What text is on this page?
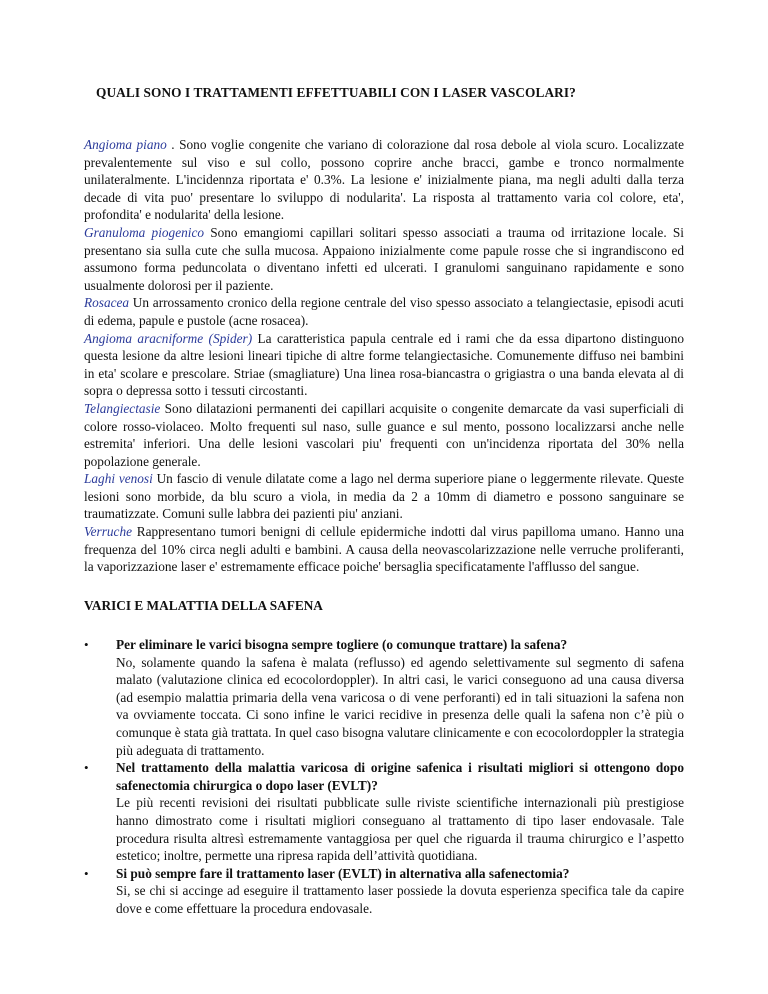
QUALI SONO I TRATTAMENTI EFFETTUABILI CON I LASER VASCOLARI?

Angioma piano . Sono voglie congenite che variano di colorazione dal rosa debole al viola scuro. Localizzate prevalentemente sul viso e sul collo, possono coprire anche bracci, gambe e tronco normalmente unilateralmente. L'incidennza riportata e' 0.3%. La lesione e' inizialmente piana, ma negli adulti dalla terza decade di vita puo' presentare lo sviluppo di nodularita'. La risposta al trattamento varia col colore, eta', profondita' e nodularita' della lesione.

Granuloma piogenico Sono emangiomi capillari solitari spesso associati a trauma od irritazione locale. Si presentano sia sulla cute che sulla mucosa. Appaiono inizialmente come papule rosse che si ingrandiscono ed assumono forma peduncolata o diventano infetti ed ulcerati. I granulomi sanguinano rapidamente e sono usualmente dolorosi per il paziente.

Rosacea Un arrossamento cronico della regione centrale del viso spesso associato a telangiectasie, episodi acuti di edema, papule e pustole (acne rosacea).

Angioma aracniforme (Spider) La caratteristica papula centrale ed i rami che da essa dipartono distinguono questa lesione da altre lesioni lineari tipiche di altre forme telangiectasiche. Comunemente diffuso nei bambini in eta' scolare e prescolare. Striae (smagliature) Una linea rosa-biancastra o grigiastra o una banda elevata al di sopra o depressa sotto i tessuti circostanti.

Telangiectasie Sono dilatazioni permanenti dei capillari acquisite o congenite demarcate da vasi superficiali di colore rosso-violaceo. Molto frequenti sul naso, sulle guance e sul mento, possono localizzarsi anche nelle estremita' inferiori. Una delle lesioni vascolari piu' frequenti con un'incidenza riportata del 30% nella popolazione generale.

Laghi venosi Un fascio di venule dilatate come a lago nel derma superiore piane o leggermente rilevate. Queste lesioni sono morbide, da blu scuro a viola, in media da 2 a 10mm di diametro e possono sanguinare se traumatizzate. Comuni sulle labbra dei pazienti piu' anziani.

Verruche Rappresentano tumori benigni di cellule epidermiche indotti dal virus papilloma umano. Hanno una frequenza del 10% circa negli adulti e bambini. A causa della neovascolarizzazione nelle verruche proliferanti, la vaporizzazione laser e' estremamente efficace poiche' bersaglia specificatamente l'afflusso del sangue.

VARICI E MALATTIA DELLA SAFENA
•	Per eliminare le varici bisogna sempre togliere (o comunque trattare) la safena?
No, solamente quando la safena è malata (reflusso) ed agendo selettivamente sul segmento di safena malato (valutazione clinica ed ecocolordoppler). In altri casi, le varici conseguono ad una causa diversa (ad esempio malattia primaria della vena varicosa o di vene perforanti) ed in tali situazioni la safena non va ovviamente toccata. Ci sono infine le varici recidive in presenza delle quali la safena non c’è più o comunque è stata già trattata. In quel caso bisogna valutare clinicamente e con ecocolordoppler la strategia più adeguata di trattamento.
•	Nel trattamento della malattia varicosa di origine safenica i risultati migliori si ottengono dopo safenectomia chirurgica o dopo laser (EVLT)?
Le più recenti revisioni dei risultati pubblicate sulle riviste scientifiche internazionali più prestigiose hanno dimostrato come i risultati migliori conseguano al trattamento di tipo laser endovasale. Tale procedura risulta altresì estremamente vantaggiosa per quel che riguarda il trauma chirurgico e l’aspetto estetico; inoltre, permette una ripresa rapida dell’attività quotidiana.
•	Si può sempre fare il trattamento laser (EVLT) in alternativa alla safenectomia?
Si, se chi si accinge ad eseguire il trattamento laser possiede la dovuta esperienza specifica tale da capire dove e come effettuare la procedura endovasale.
